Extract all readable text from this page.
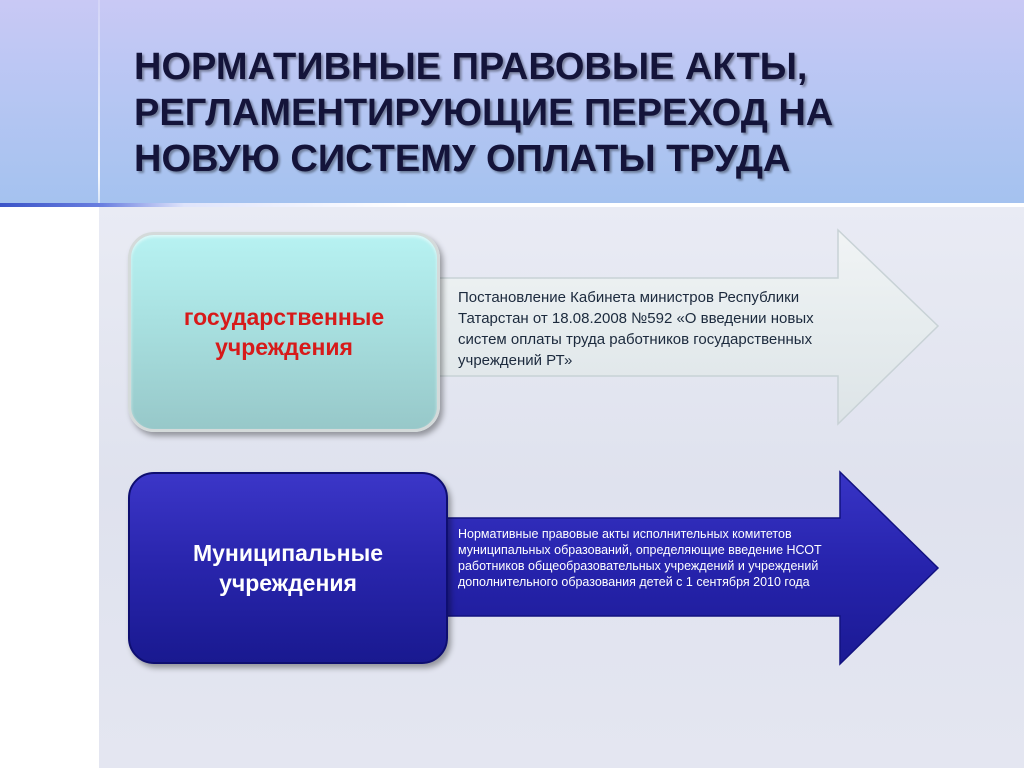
НОРМАТИВНЫЕ ПРАВОВЫЕ АКТЫ,
РЕГЛАМЕНТИРУЮЩИЕ ПЕРЕХОД НА
НОВУЮ СИСТЕМУ ОПЛАТЫ ТРУДА
государственные учреждения
Муниципальные учреждения

Постановление Кабинета министров Республики Татарстан от 18.08.2008 №592 «О введении новых систем оплаты труда работников государственных учреждений РТ»

Нормативные правовые акты исполнительных комитетов муниципальных образований, определяющие введение НСОТ работников общеобразовательных учреждений и учреждений дополнительного образования детей с 1 сентября 2010 года
